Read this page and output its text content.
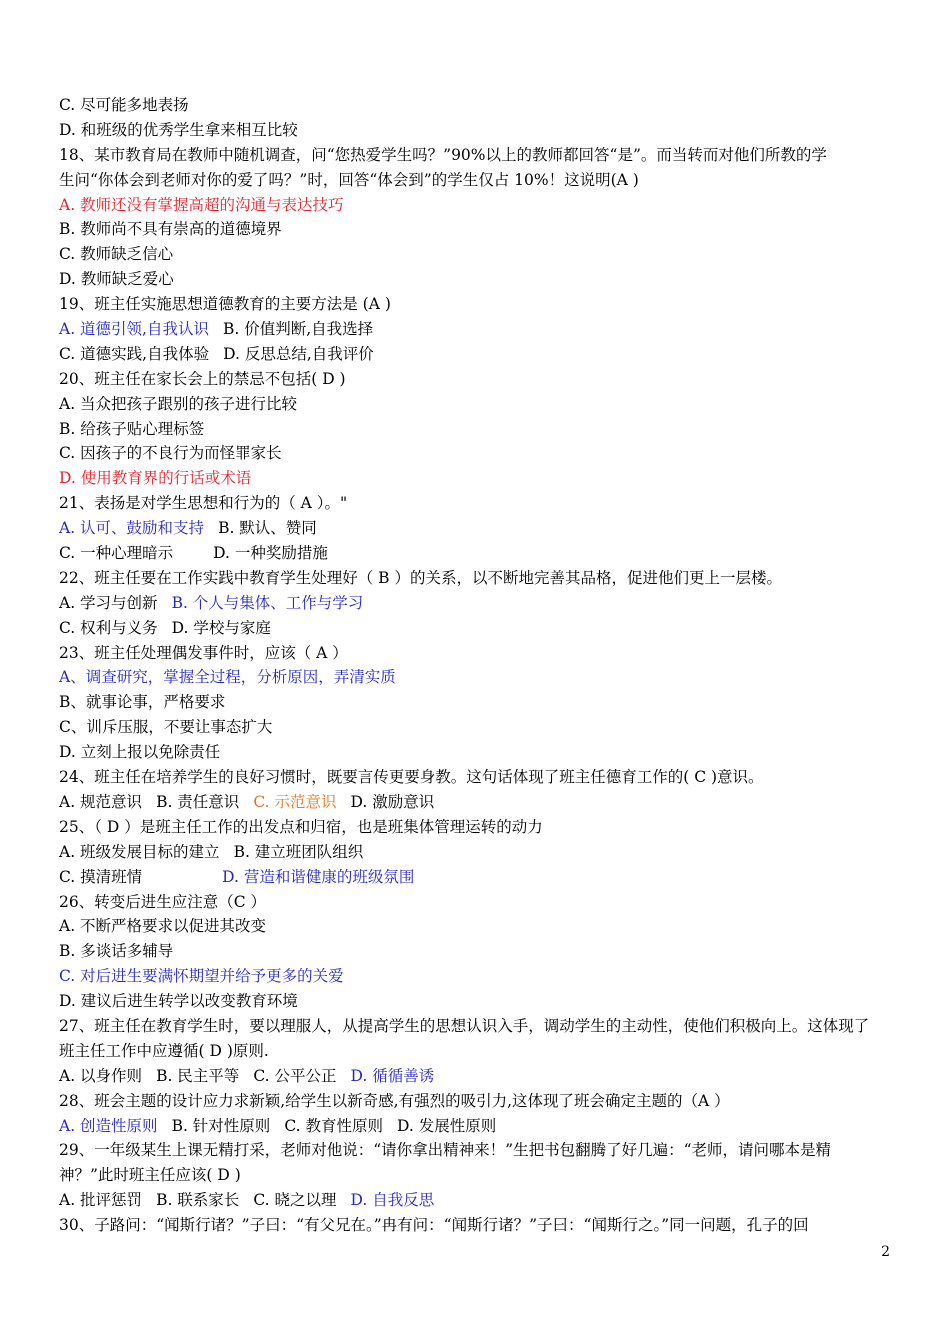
C. 尽可能多地表扬
D. 和班级的优秀学生拿来相互比较
18、某市教育局在教师中随机调查，问“您热爱学生吗？”90%以上的教师都回答“是”。而当转而对他们所教的学
生问“你体会到老师对你的爱了吗？”时，回答“体会到”的学生仅占 10%！这说明(A )
A. 教师还没有掌握高超的沟通与表达技巧
B. 教师尚不具有崇高的道德境界
C. 教师缺乏信心
D. 教师缺乏爱心
19、班主任实施思想道德教育的主要方法是 (A )
A. 道德引领,自我认识 B. 价值判断,自我选择
C. 道德实践,自我体验 D. 反思总结,自我评价
20、班主任在家长会上的禁忌不包括( D )
A. 当众把孩子跟别的孩子进行比较
B. 给孩子贴心理标签
C. 因孩子的不良行为而怪罪家长
D. 使用教育界的行话或术语
21、表扬是对学生思想和行为的（ A ）。"
A. 认可、鼓励和支持 B. 默认、赞同
C. 一种心理暗示	D. 一种奖励措施
22、班主任要在工作实践中教育学生处理好（ B ）的关系，以不断地完善其品格，促进他们更上一层楼。
A. 学习与创新 B. 个人与集体、工作与学习
C. 权利与义务 D. 学校与家庭
23、班主任处理偶发事件时，应该（ A ）
A、调查研究，掌握全过程，分析原因，弄清实质
B、就事论事，严格要求
C、训斥压服，不要让事态扩大
D. 立刻上报以免除责任
24、班主任在培养学生的良好习惯时，既要言传更要身教。这句话体现了班主任德育工作的( C )意识。
A. 规范意识 B. 责任意识 C. 示范意识 D. 激励意识
25、（ D ）是班主任工作的出发点和归宿，也是班集体管理运转的动力
A. 班级发展目标的建立 B. 建立班团队组织
C. 摸清班情	D. 营造和谐健康的班级氛围
26、转变后进生应注意（C ）
A. 不断严格要求以促进其改变
B. 多谈话多辅导
C. 对后进生要满怀期望并给予更多的关爱
D. 建议后进生转学以改变教育环境
27、班主任在教育学生时，要以理服人，从提高学生的思想认识入手，调动学生的主动性，使他们积极向上。这体现了
班主任工作中应遵循( D )原则.
A. 以身作则 B. 民主平等 C. 公平公正 D. 循循善诱
28、班会主题的设计应力求新颖,给学生以新奇感,有强烈的吸引力,这体现了班会确定主题的（A ）
A. 创造性原则 B. 针对性原则 C. 教育性原则 D. 发展性原则
29、一年级某生上课无精打采，老师对他说：“请你拿出精神来！”生把书包翻腾了好几遍：“老师，请问哪本是精
神？”此时班主任应该( D )
A. 批评惩罚 B. 联系家长 C. 晓之以理 D. 自我反思
30、子路问：“闻斯行诸？”子曰：“有父兄在。”冉有问：“闻斯行诸？”子曰：“闻斯行之。”同一问题，孔子的回
2
